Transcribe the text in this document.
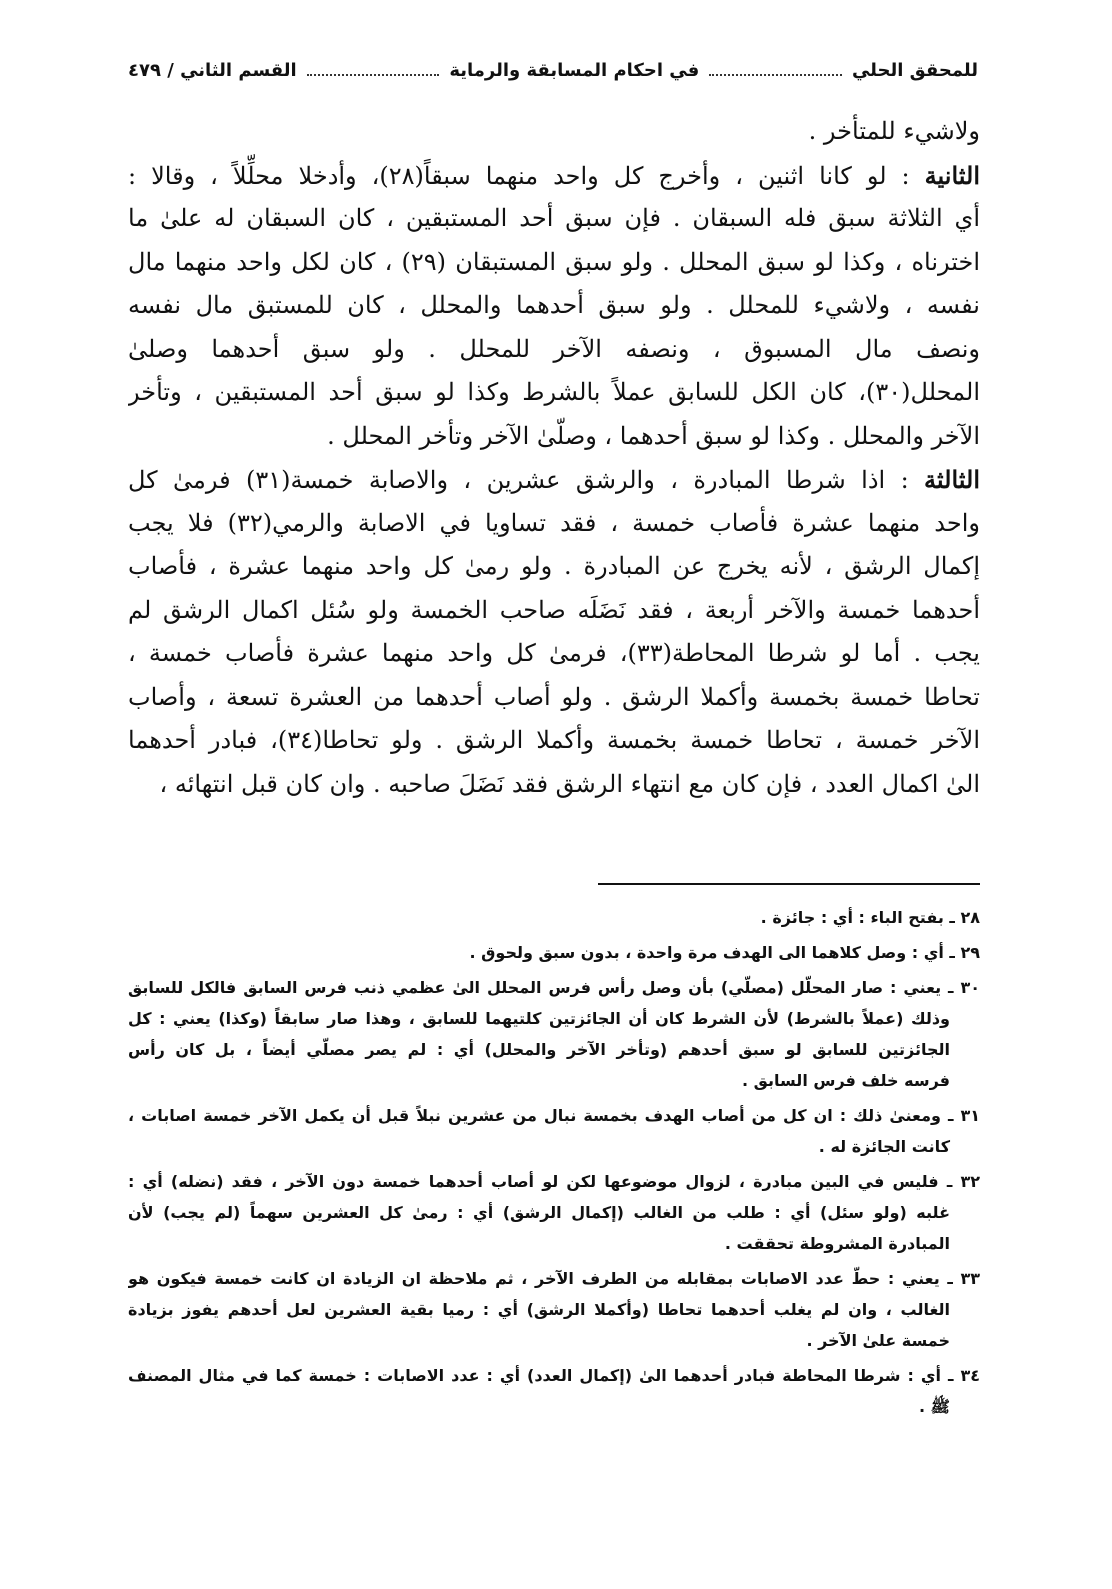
للمحقق الحلي
في احكام المسابقة والرماية
القسم الثاني / ٤٧٩
ولاشيء للمتأخر .
الثانية : لو كانا اثنين ، وأخرج كل واحد منهما سبقاً(٢٨)، وأدخلا محلِّلاً ، وقالا :
أي الثلاثة سبق فله السبقان . فإن سبق أحد المستبقين ، كان السبقان له علىٰ ما
اخترناه ، وكذا لو سبق المحلل . ولو سبق المستبقان (٢٩) ، كان لكل واحد منهما مال
نفسه ، ولاشيء للمحلل . ولو سبق أحدهما والمحلل ، كان للمستبق مال نفسه
ونصف مال المسبوق ، ونصفه الآخر للمحلل . ولو سبق أحدهما وصلىٰ
المحلل(٣٠)، كان الكل للسابق عملاً بالشرط وكذا لو سبق أحد المستبقين ، وتأخر
الآخر والمحلل . وكذا لو سبق أحدهما ، وصلّىٰ الآخر وتأخر المحلل .
الثالثة : اذا شرطا المبادرة ، والرشق عشرين ، والاصابة خمسة(٣١) فرمىٰ كل
واحد منهما عشرة فأصاب خمسة ، فقد تساويا في الاصابة والرمي(٣٢) فلا يجب
إكمال الرشق ، لأنه يخرج عن المبادرة . ولو رمىٰ كل واحد منهما عشرة ، فأصاب
أحدهما خمسة والآخر أربعة ، فقد نَضَلَه صاحب الخمسة ولو سُئل اكمال الرشق لم
يجب . أما لو شرطا المحاطة(٣٣)، فرمىٰ كل واحد منهما عشرة فأصاب خمسة ،
تحاطا خمسة بخمسة وأكملا الرشق . ولو أصاب أحدهما من العشرة تسعة ، وأصاب
الآخر خمسة ، تحاطا خمسة بخمسة وأكملا الرشق . ولو تحاطا(٣٤)، فبادر أحدهما
الىٰ اكمال العدد ، فإن كان مع انتهاء الرشق فقد نَضَلَ صاحبه . وان كان قبل انتهائه ،
٢٨ ـ بفتح الباء : أي : جائزة .
٢٩ ـ أي : وصل كلاهما الى الهدف مرة واحدة ، بدون سبق ولحوق .
٣٠ ـ يعني : صار المحلّل (مصلّي) بأن وصل رأس فرس المحلل الىٰ عظمي ذنب فرس السابق فالكل للسابق
وذلك (عملاً بالشرط) لأن الشرط كان أن الجائزتين كلتيهما للسابق ، وهذا صار سابقاً (وكذا) يعني : كل
الجائزتين للسابق لو سبق أحدهم (وتأخر الآخر والمحلل) أي : لم يصر مصلّي أيضاً ، بل كان رأس
فرسه خلف فرس السابق .
٣١ ـ ومعنىٰ ذلك : ان كل من أصاب الهدف بخمسة نبال من عشرين نبلاً قبل أن يكمل الآخر خمسة اصابات ،
كانت الجائزة له .
٣٢ ـ فليس في البين مبادرة ، لزوال موضوعها لكن لو أصاب أحدهما خمسة دون الآخر ، فقد (نضله) أي :
غلبه (ولو سئل) أي : طلب من الغالب (إكمال الرشق) أي : رمىٰ كل العشرين سهماً (لم يجب) لأن
المبادرة المشروطة تحققت .
٣٣ ـ يعني : حطّ عدد الاصابات بمقابله من الطرف الآخر ، ثم ملاحظة ان الزيادة ان كانت خمسة فيكون هو
الغالب ، وان لم يغلب أحدهما تحاطا (وأكملا الرشق) أي : رميا بقية العشرين لعل أحدهم يفوز بزيادة
خمسة علىٰ الآخر .
٣٤ ـ أي : شرطا المحاطة فبادر أحدهما الىٰ (إكمال العدد) أي : عدد الاصابات : خمسة كما في مثال المصنف
ﷺ .
